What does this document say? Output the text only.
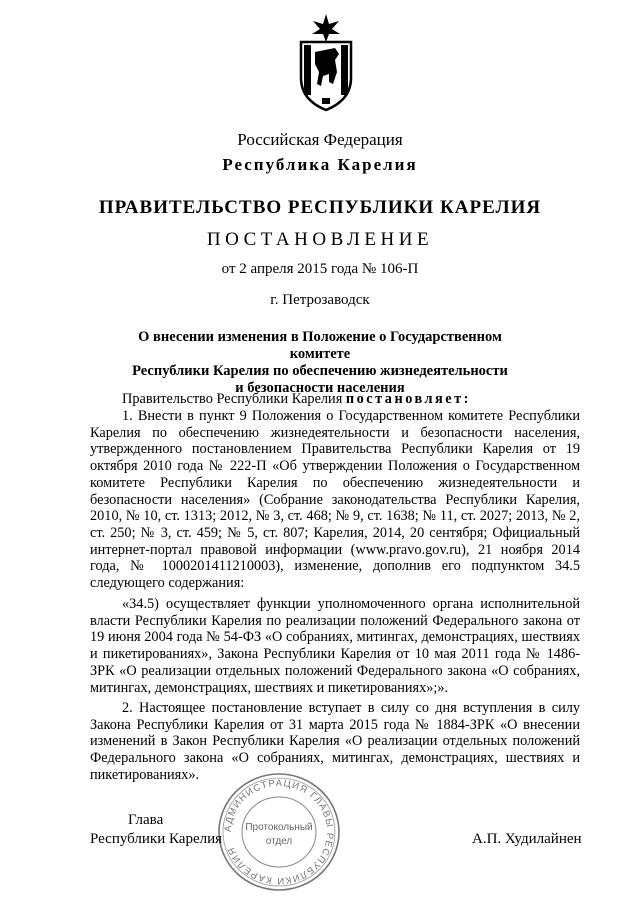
Российская Федерация
Республика Карелия
ПРАВИТЕЛЬСТВО РЕСПУБЛИКИ КАРЕЛИЯ
ПОСТАНОВЛЕНИЕ
от 2 апреля 2015 года № 106-П
г. Петрозаводск
О внесении изменения в Положение о Государственном комитете
Республики Карелия по обеспечению жизнедеятельности
и безопасности населения

Правительство Республики Карелия постановляет:

1. Внести в пункт 9 Положения о Государственном комитете Республики Карелия по обеспечению жизнедеятельности и безопасности населения, утвержденного постановлением Правительства Республики Карелия от 19 октября 2010 года № 222-П «Об утверждении Положения о Государственном комитете Республики Карелия по обеспечению жизнедеятельности и безопасности населения» (Собрание законодательства Республики Карелия, 2010, № 10, ст. 1313; 2012, № 3, ст. 468; № 9, ст. 1638; № 11, ст. 2027; 2013, № 2, ст. 250; № 3, ст. 459; № 5, ст. 807; Карелия, 2014, 20 сентября; Официальный интернет-портал правовой информации (www.pravo.gov.ru), 21 ноября 2014 года, № 1000201411210003), изменение, дополнив его подпунктом 34.5 следующего содержания:

«34.5) осуществляет функции уполномоченного органа исполнительной власти Республики Карелия по реализации положений Федерального закона от 19 июня 2004 года № 54-ФЗ «О собраниях, митингах, демонстрациях, шествиях и пикетированиях», Закона Республики Карелия от 10 мая 2011 года № 1486-ЗРК «О реализации отдельных положений Федерального закона «О собраниях, митингах, демонстрациях, шествиях и пикетированиях»;».

2. Настоящее постановление вступает в силу со дня вступления в силу Закона Республики Карелия от 31 марта 2015 года № 1884-ЗРК «О внесении изменений в Закон Республики Карелия «О реализации отдельных положений Федерального закона «О собраниях, митингах, демонстрациях, шествиях и пикетированиях».

АДМИНИСТРАЦИЯ ГЛАВЫ РЕСПУБЛИКИ КАРЕЛИЯ
Протокольный
отдел
Глава
Республики Карелия	А.П. Худилайнен
